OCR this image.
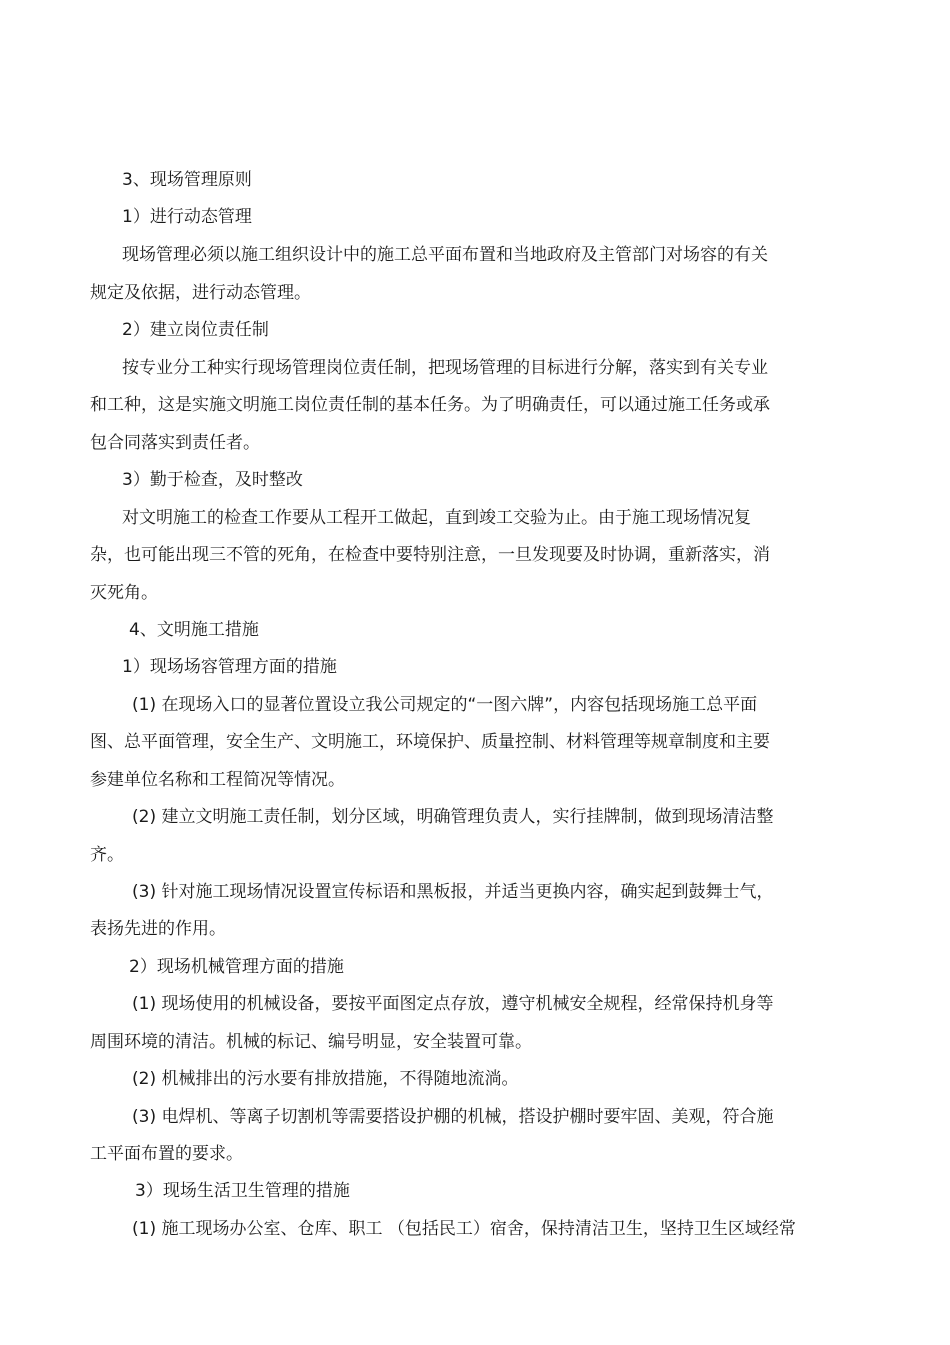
3、现场管理原则
1）进行动态管理
现场管理必须以施工组织设计中的施工总平面布置和当地政府及主管部门对场容的有关
规定及依据，进行动态管理。
2）建立岗位责任制
按专业分工种实行现场管理岗位责任制，把现场管理的目标进行分解，落实到有关专业
和工种，这是实施文明施工岗位责任制的基本任务。为了明确责任，可以通过施工任务或承
包合同落实到责任者。
3）勤于检查，及时整改
对文明施工的检查工作要从工程开工做起，直到竣工交验为止。由于施工现场情况复
杂，也可能出现三不管的死角，在检查中要特别注意，一旦发现要及时协调，重新落实，消
灭死角。
4、文明施工措施
1）现场场容管理方面的措施
(1) 在现场入口的显著位置设立我公司规定的“一图六牌”，内容包括现场施工总平面
图、总平面管理，安全生产、文明施工，环境保护、质量控制、材料管理等规章制度和主要
参建单位名称和工程简况等情况。
(2) 建立文明施工责任制，划分区域，明确管理负责人，实行挂牌制，做到现场清洁整
齐。
(3) 针对施工现场情况设置宣传标语和黑板报，并适当更换内容，确实起到鼓舞士气，
表扬先进的作用。
2）现场机械管理方面的措施
(1) 现场使用的机械设备，要按平面图定点存放，遵守机械安全规程，经常保持机身等
周围环境的清洁。机械的标记、编号明显，安全装置可靠。
(2) 机械排出的污水要有排放措施，不得随地流淌。
(3) 电焊机、等离子切割机等需要搭设护棚的机械，搭设护棚时要牢固、美观，符合施
工平面布置的要求。
3）现场生活卫生管理的措施
(1) 施工现场办公室、仓库、职工 （包括民工）宿舍，保持清洁卫生，坚持卫生区域经常
